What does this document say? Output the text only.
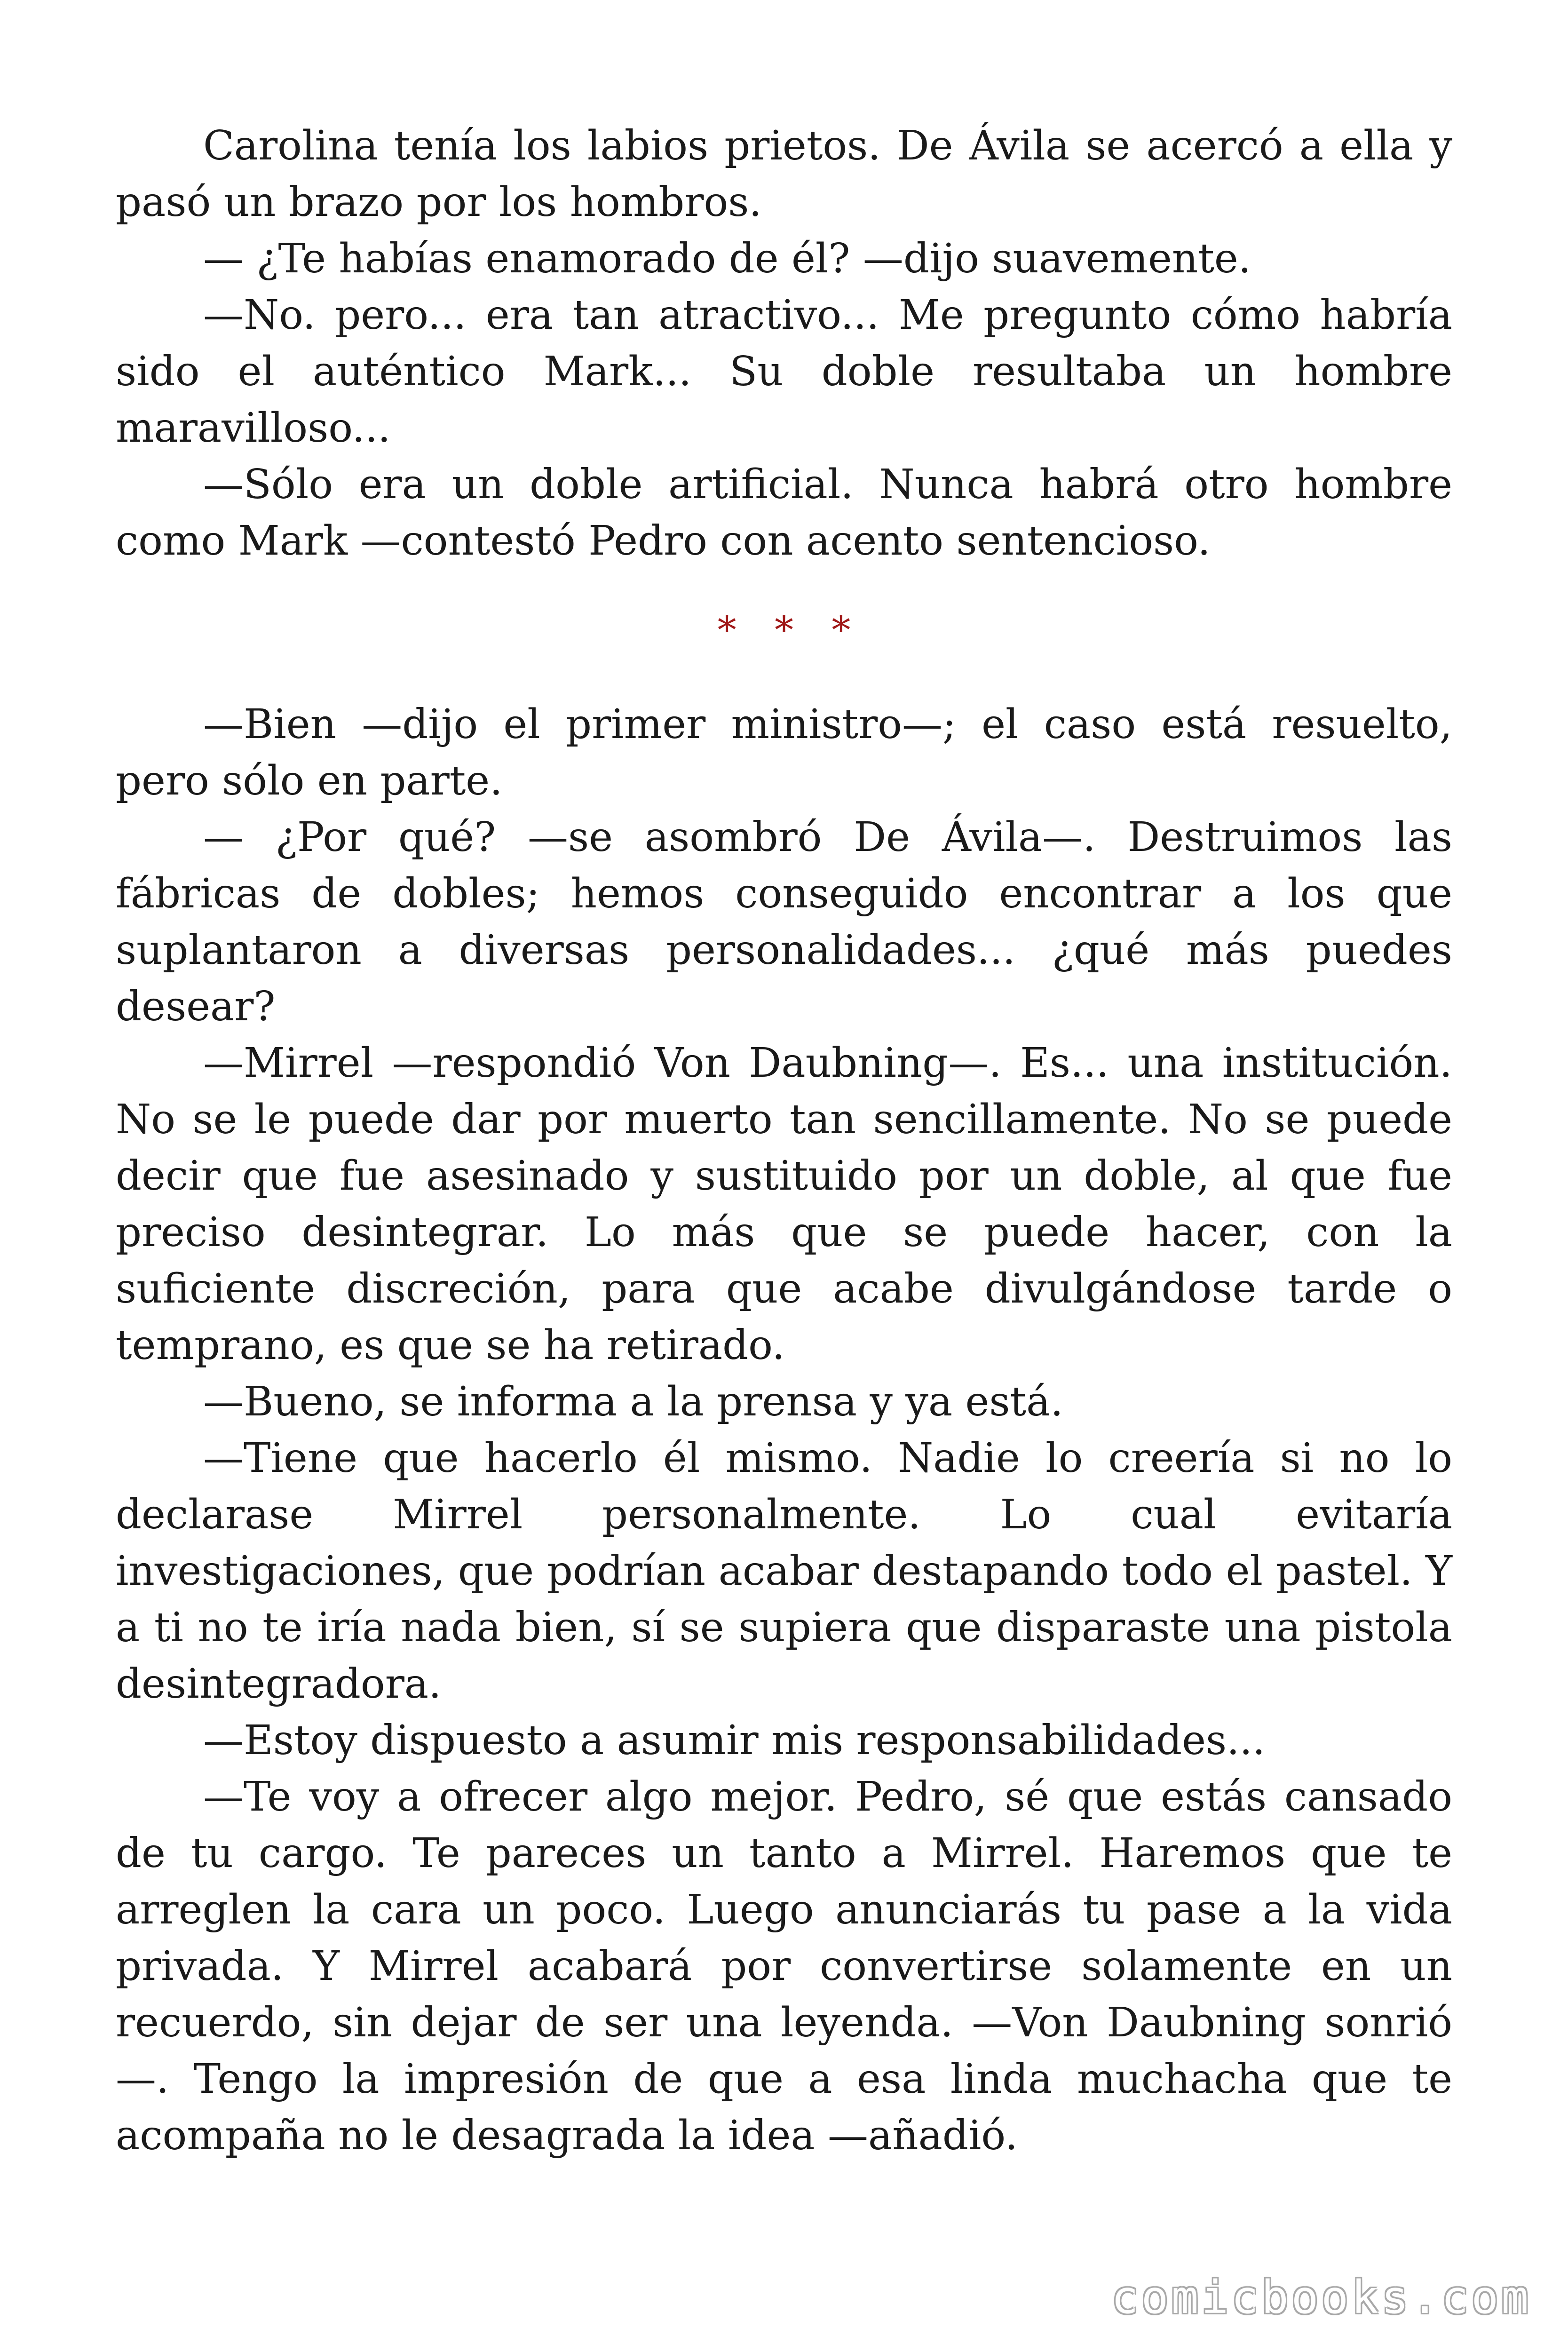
Carolina tenía los labios prietos. De Ávila se acercó a ella y pasó un brazo por los hombros.

— ¿Te habías enamorado de él? —dijo suavemente.

—No. pero... era tan atractivo... Me pregunto cómo habría sido el auténtico Mark... Su doble resultaba un hombre maravilloso...

—Sólo era un doble artificial. Nunca habrá otro hombre como Mark —contestó Pedro con acento sentencioso.

* * *

—Bien —dijo el primer ministro—; el caso está resuelto, pero sólo en parte.

— ¿Por qué? —se asombró De Ávila—. Destruimos las fábricas de dobles; hemos conseguido encontrar a los que suplantaron a diversas personalidades... ¿qué más puedes desear?

—Mirrel —respondió Von Daubning—. Es... una institución. No se le puede dar por muerto tan sencillamente. No se puede decir que fue asesinado y sustituido por un doble, al que fue preciso desintegrar. Lo más que se puede hacer, con la suficiente discreción, para que acabe divulgándose tarde o temprano, es que se ha retirado.

—Bueno, se informa a la prensa y ya está.

—Tiene que hacerlo él mismo. Nadie lo creería si no lo declarase Mirrel personalmente. Lo cual evitaría investigaciones, que podrían acabar destapando todo el pastel. Y a ti no te iría nada bien, sí se supiera que disparaste una pistola desintegradora.

—Estoy dispuesto a asumir mis responsabilidades...

—Te voy a ofrecer algo mejor. Pedro, sé que estás cansado de tu cargo. Te pareces un tanto a Mirrel. Haremos que te arreglen la cara un poco. Luego anunciarás tu pase a la vida privada. Y Mirrel acabará por convertirse solamente en un recuerdo, sin dejar de ser una leyenda. —Von Daubning sonrió —. Tengo la impresión de que a esa linda muchacha que te acompaña no le desagrada la idea —añadió.

comicbooks.com
